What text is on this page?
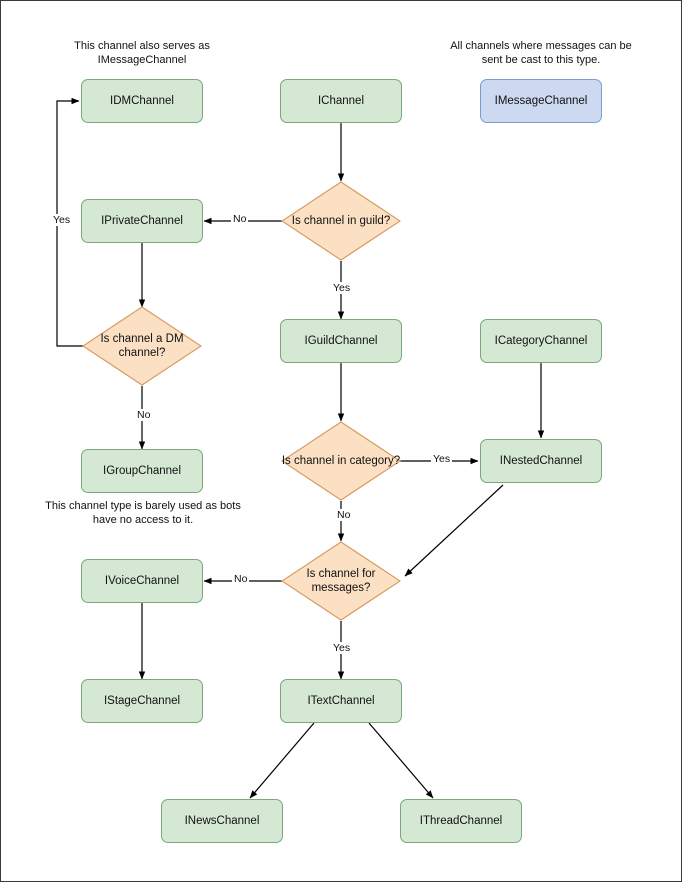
This channel also serves as IMessageChannel
All channels where messages can be sent be cast to this type.
This channel type is barely used as bots have no access to it.
IDMChannel	IChannel	IMessageChannel
IPrivateChannel
IGuildChannel	ICategoryChannel
IGroupChannel
INestedChannel
IVoiceChannel
IStageChannel	ITextChannel
INewsChannel	IThreadChannel
Is channel in guild?
Is channel a DM channel?
Is channel in category?
Is channel for messages?
No
Yes
Yes
No
Yes
No
No
Yes
